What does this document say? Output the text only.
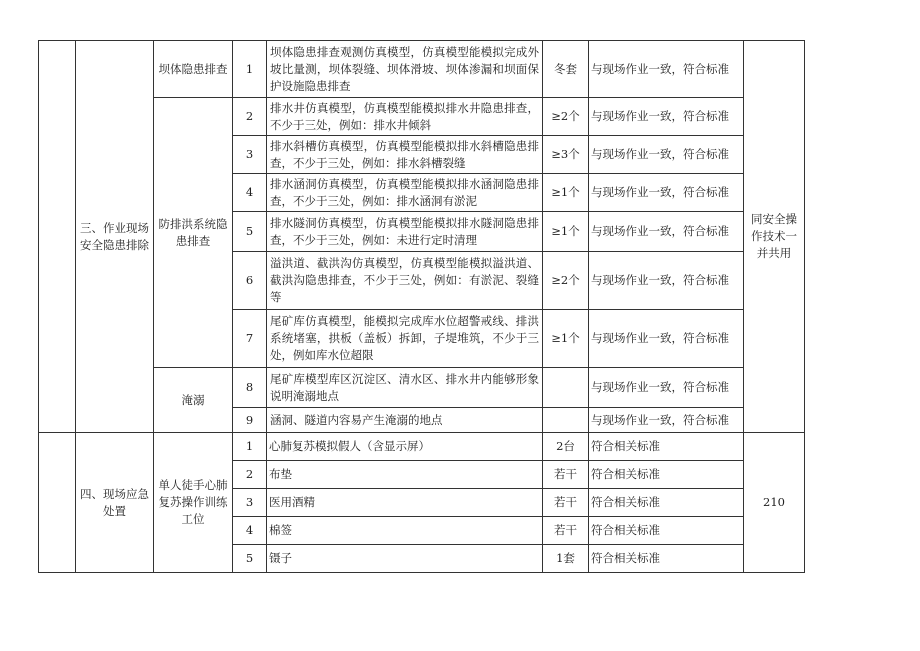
	三、作业现场安全隐患排除	坝体隐患排查	1	坝体隐患排查观测仿真模型，仿真模型能模拟完成外坡比量测，坝体裂缝、坝体滑坡、坝体渗漏和坝面保护设施隐患排查	冬套	与现场作业一致，符合标准	同安全操作技术一并共用

		防排洪系统隐患排查	2	排水井仿真模型，仿真模型能模拟排水井隐患排查，不少于三处，例如：排水井倾斜	≥2个	与现场作业一致，符合标准	
			3	排水斜槽仿真模型，仿真模型能模拟排水斜槽隐患排查，不少于三处，例如：排水斜槽裂缝	≥3个	与现场作业一致，符合标准	
			4	排水涵洞仿真模型，仿真模型能模拟排水涵洞隐患排查，不少于三处，例如：排水涵洞有淤泥	≥1个	与现场作业一致，符合标准	
			5	排水隧洞仿真模型，仿真模型能模拟排水隧洞隐患排查，不少于三处，例如：未进行定时清理	≥1个	与现场作业一致，符合标准	
			6	溢洪道、截洪沟仿真模型，仿真模型能模拟溢洪道、截洪沟隐患排查，不少于三处，例如：有淤泥、裂缝等	≥2个	与现场作业一致，符合标准	
			7	尾矿库仿真模型，能模拟完成库水位超警戒线、排洪系统堵塞，拱板（盖板）拆卸，子堤堆筑，不少于三处，例如库水位超限	≥1个	与现场作业一致，符合标准	

		淹溺	8	尾矿库模型库区沉淀区、清水区、排水井内能够形象说明淹溺地点		与现场作业一致，符合标准	
			9	涵洞、隧道内容易产生淹溺的地点		与现场作业一致，符合标准	

	四、现场应急处置	单人徒手心肺复苏操作训练工位	1	心肺复苏模拟假人（含显示屏）	2台	符合相关标准	210

			2	布垫	若干	符合相关标准	
			3	医用酒精	若干	符合相关标准	
			4	棉签	若干	符合相关标准	
			5	镊子	1套	符合相关标准	
